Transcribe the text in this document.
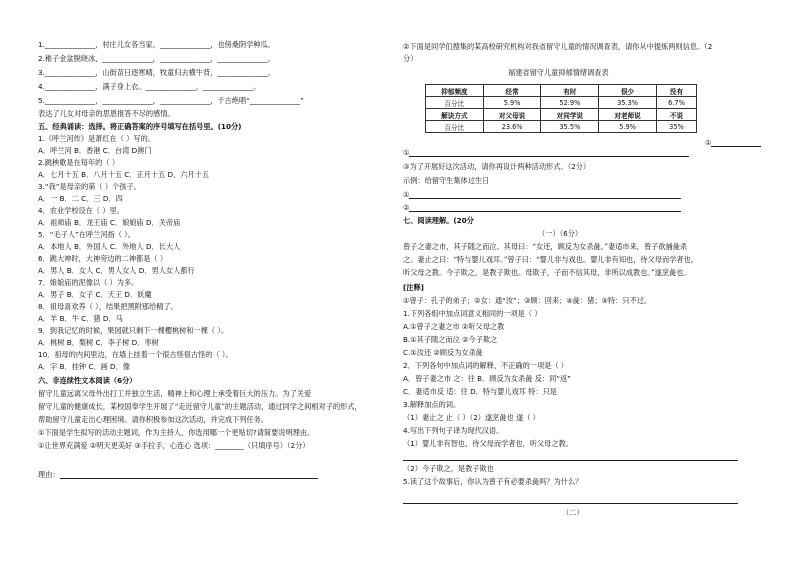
1.______________，村庄儿女各当家。______________，也傍桑阴学种瓜。
2.稚子金盆脱晓冰，______________，______________，______________。
3.______________，山街苗日逐寒晴，牧童归去横牛背，______________。
4.______________，满子身上衣。______________，______________。
5.______________，______________，______________，千古绝唱“______________”
表达了儿女对母亲的思恩报答不尽的感情。
五、经典诵读：选择。将正确答案的序号填写在括号里。(10分)
1.《呼兰河传》是萧红在（ ）写的。
A．呼兰河 B．香港 C．台湾 D澳门
2.跳秧歌是在每年的（ ）
A．七月十五 B．八月十五 C．正月十五 D．六月十五
3.“我”是母亲的第（ ）个孩子。
A．一 B．二 C．三 D．四
4．农业学校设在（ ）里。
A．祖师庙 B．龙王庙 C．娘娘庙 D．关帝庙
5．“毛子人”在呼兰河指（ ）。
A．本地人 B．外国人 C．外地人 D．长大人
6．跳大神时，大神旁边的二神都是（ ）
A．男人 B．女人 C．男人女人 D．男人女人都行
7．娘娘庙的泥像以（ ）为多。
A．男子 B．女子 C．天王 D．妖魔
8．祖母喜欢养（ ），结果把黑附那给精了。
A．羊 B．牛 C．猪 D．马
9．到我记忆的时候，果园就只剩下一棵樱桃树和一棵（ ）。
A．桃树 B．梨树 C．李子树 D．枣树
10．祖母的内间里边，在墙上挂着一个很古怪很古怪的（ ）。
A．字 B．挂钟 C．画 D．像
六、非连续性文本阅读（6分）
留守儿童远离父母外出打工并独立生活，精神上和心理上承受着巨大的压力。为了关爱
留守儿童的健康成长，某校国奉学生开展了“走近留守儿童”的主题活动，通过同学之间相对子的形式，
帮助留守儿童走出心理困境。请你积极参加这次活动，并完成下列任务。
①下面是学生拟写的活动主题词，作为主持人，你选用哪一个更贴切?请简要说明理由。
①让世界充满爱 ②明天更美好 ③手拉手，心连心 选项：________（只填序号）（2分）
理由：
②下面是同学们搜集的某高校研究机构对我省留守儿童的情况调查表，请你从中提炼两则信息。（2
分）
福建省留守儿童抑郁情绪调查表
抑郁频度	经常	有时	很少	没有
百分比	5.9%	52.9%	35.3%	6.7%
解诀方式	对父母说	对同学说	对老师说	不说
百分比	23.6%	35.5%	5.9%	35%
①
①
③为了开展好这次活动，请你再设计两种活动形式。（2分）
示例：给留守生集体过生日
①
②
七、阅读理解。(20分
（一）（6分）
曾子之妻之市，其子随之而泣。其母曰：“女还，顾反为女杀彘。”妻适市来，曾子欲捕彘杀
之。妻止之曰：“特与婴儿戏耳。”曾子曰：“婴儿非与戏也。婴儿非有知也，待父母而学者也，
听父母之教。今子欺之，是教子欺也。母欺子，子而不信其母，非所以成教也。”遂烹彘也。
[注释]
①曾子：孔子的弟子；②女：通“汝”；③顾：回来；④彘：猪；⑤特：只不过。
1.下列各组中加点词意义相同的一项是（ ）
A.①曾子之妻之市 ②听父母之教
B.①其子随之而泣 ②今子欺之
C.①汝还 ②顾反为女杀彘
2．下列各句中加点词的解释，不正确的一项是（ ）
A．曾子妻之市 之：往 B．顾反为女杀彘 反：同“返”
C．妻适市反 适：往 D．特与婴儿戏耳 特：只是
3.解释加点的词。
（1）妻止之 止（ ）（2）遂烹彘也 遂（ ）
4.写出下列句子译为现代汉语。
（1）婴儿非有智也，待父母而学者也，听父母之教。
（2）今子欺之，是教子欺也
5.读了这个故事后，你认为曾子有必要杀彘吗？为什么？
（二）
